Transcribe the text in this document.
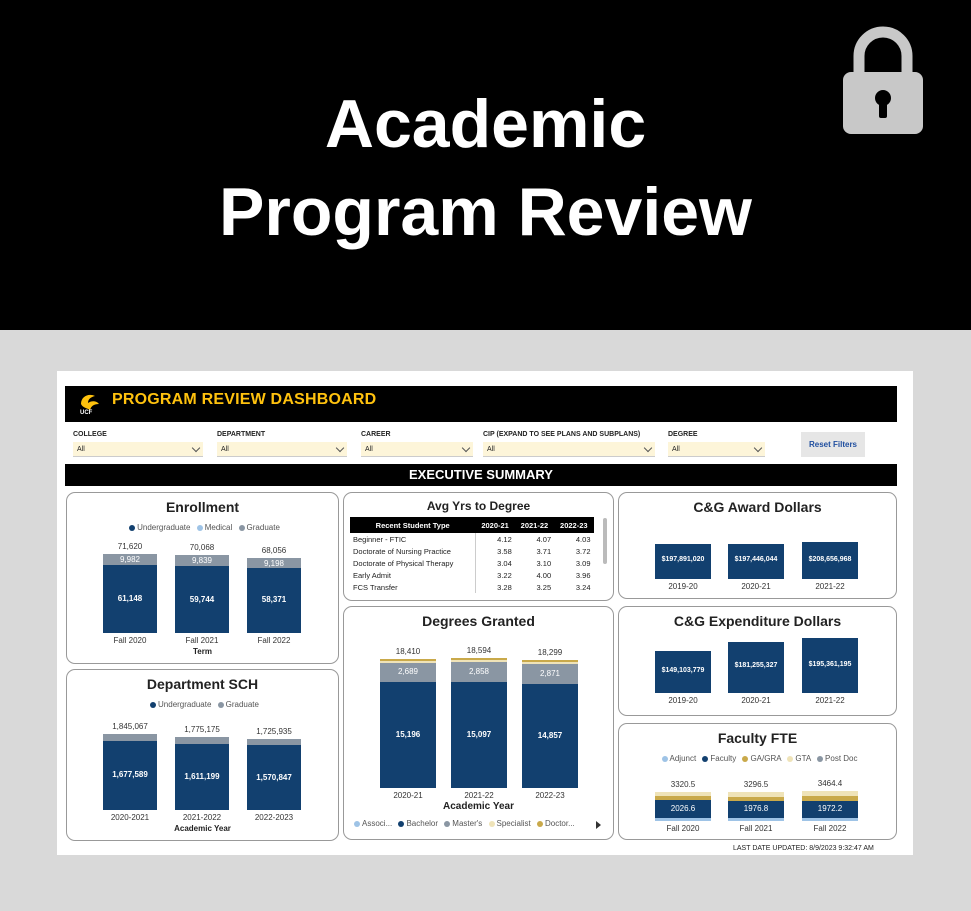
Academic
Program Review
UCF
PROGRAM REVIEW DASHBOARD
COLLEGE
All
DEPARTMENT
All
CAREER
All
CIP (EXPAND TO SEE PLANS AND SUBPLANS)
All
DEGREE
All
Reset Filters
EXECUTIVE SUMMARY
Enrollment
Undergraduate Medical Graduate
61,148
9,982
71,620
Fall 2020
59,744
9,839
70,068
Fall 2021
58,371
9,198
68,056
Fall 2022
Term
Department SCH
Undergraduate Graduate
1,677,589
1,845,067
2020-2021
1,611,199
1,775,175
2021-2022
1,570,847
1,725,935
2022-2023
Academic Year
Avg Yrs to Degree
Recent Student Type	2020-21	2021-22	2022-23
Beginner - FTIC	4.12	4.07	4.03
Doctorate of Nursing Practice	3.58	3.71	3.72
Doctorate of Physical Therapy	3.04	3.10	3.09
Early Admit	3.22	4.00	3.96
FCS Transfer	3.28	3.25	3.24
Degrees Granted
15,196
2,689
18,410
2020-21
15,097
2,858
18,594
2021-22
14,857
2,871
18,299
2022-23
Academic Year
Associ... Bachelor Master's Specialist Doctor...
C&G Award Dollars
$197,891,020
2019-20
$197,446,044
2020-21
$208,656,968
2021-22
C&G Expenditure Dollars
$149,103,779
2019-20
$181,255,327
2020-21
$195,361,195
2021-22
Faculty FTE
Adjunct Faculty GA/GRA GTA Post Doc
2026.6
3320.5
Fall 2020
1976.8
3296.5
Fall 2021
1972.2
3464.4
Fall 2022
LAST DATE UPDATED: 8/9/2023 9:32:47 AM
